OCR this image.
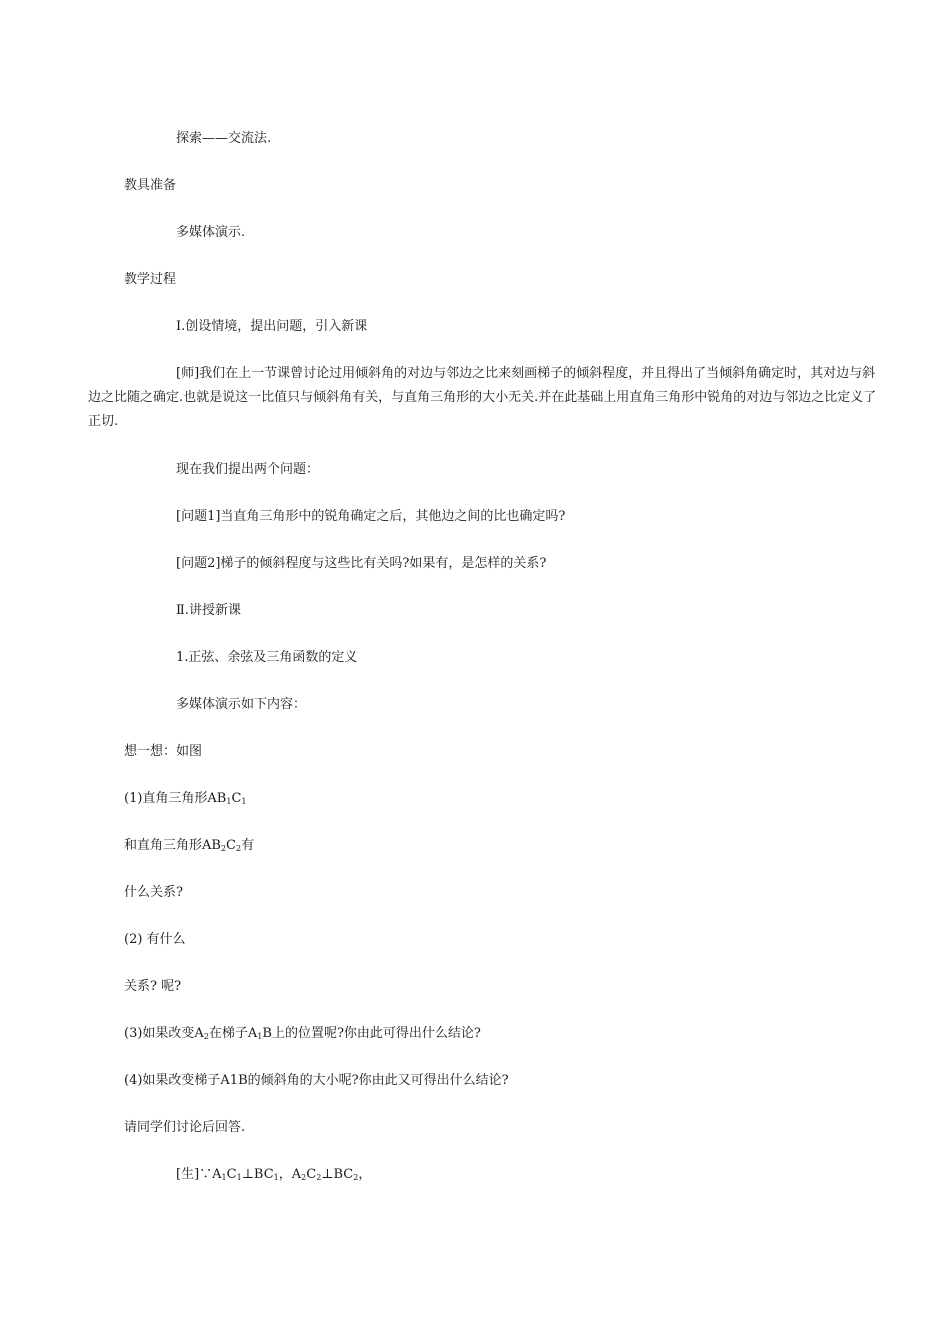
探索——交流法.
教具准备
多媒体演示.
教学过程
Ⅰ.创设情境，提出问题，引入新课
[师]我们在上一节课曾讨论过用倾斜角的对边与邻边之比来刻画梯子的倾斜程度，并且得出了当倾斜角确定时，其对边与斜边之比随之确定.也就是说这一比值只与倾斜角有关，与直角三角形的大小无关.并在此基础上用直角三角形中锐角的对边与邻边之比定义了正切.
现在我们提出两个问题：
[问题1]当直角三角形中的锐角确定之后，其他边之间的比也确定吗?
[问题2]梯子的倾斜程度与这些比有关吗?如果有，是怎样的关系?
Ⅱ.讲授新课
1.正弦、余弦及三角函数的定义
多媒体演示如下内容：
想一想：如图
(1)直角三角形$AB_1C_1$
和直角三角形$AB_2C_2$有
什么关系?
(2) 有什么
关系? 呢?
(3)如果改变$A_2$在梯子$A_1B$上的位置呢?你由此可得出什么结论?
(4)如果改变梯子A1B的倾斜角的大小呢?你由此又可得出什么结论?
请同学们讨论后回答.
[生]$\because A_1C_1\perp BC_1$，$A_2C_2\perp BC_2$，
